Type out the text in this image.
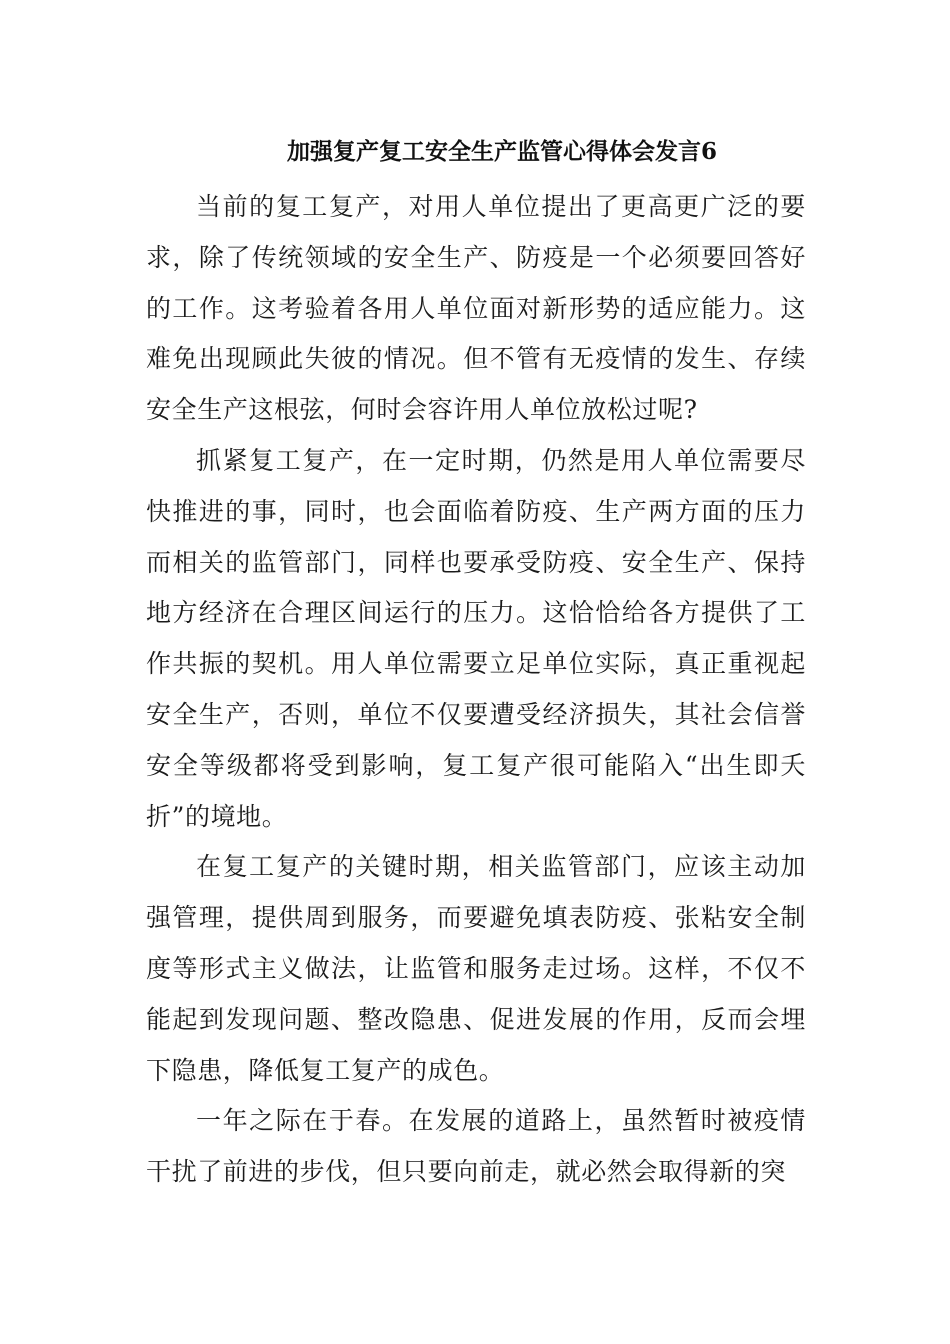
加强复产复工安全生产监管心得体会发言6

当前的复工复产，对用人单位提出了更高更广泛的要求，除了传统领域的安全生产、防疫是一个必须要回答好的工作。这考验着各用人单位面对新形势的适应能力。这难免出现顾此失彼的情况。但不管有无疫情的发生、存续安全生产这根弦，何时会容许用人单位放松过呢?

抓紧复工复产，在一定时期，仍然是用人单位需要尽快推进的事，同时，也会面临着防疫、生产两方面的压力而相关的监管部门，同样也要承受防疫、安全生产、保持地方经济在合理区间运行的压力。这恰恰给各方提供了工作共振的契机。用人单位需要立足单位实际，真正重视起安全生产，否则，单位不仅要遭受经济损失，其社会信誉安全等级都将受到影响，复工复产很可能陷入“出生即夭折”的境地。

在复工复产的关键时期，相关监管部门，应该主动加强管理，提供周到服务，而要避免填表防疫、张粘安全制度等形式主义做法，让监管和服务走过场。这样，不仅不能起到发现问题、整改隐患、促进发展的作用，反而会埋下隐患，降低复工复产的成色。

一年之际在于春。在发展的道路上，虽然暂时被疫情干扰了前进的步伐，但只要向前走，就必然会取得新的突
